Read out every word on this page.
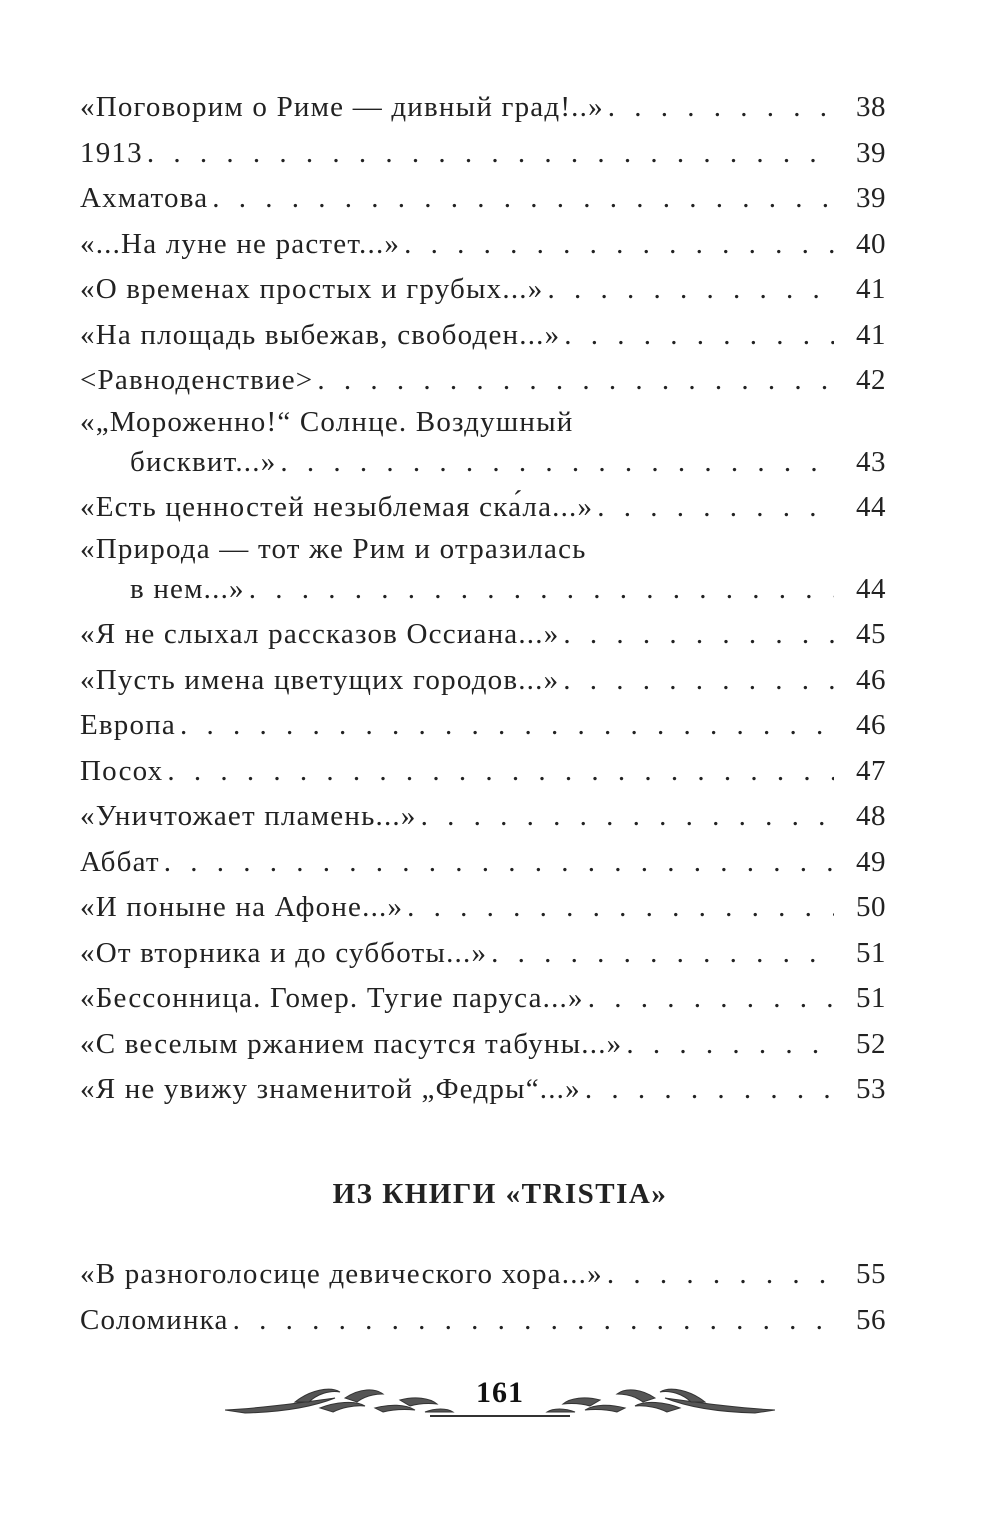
«Поговорим о Риме — дивный град!..» . . .	38
1913 . . .	39
Ахматова . . .	39
«...На луне не растет...» . . .	40
«О временах простых и грубых...» . . .	41
«На площадь выбежав, свободен...» . . .	41
<Равноденствие> . . .	42
«„Мороженно!“ Солнце. Воздушный
бисквит...» . . .	43
«Есть ценностей незыблемая ска́ла...» . . .	44
«Природа — тот же Рим и отразилась
в нем...» . . .	44
«Я не слыхал рассказов Оссиана...» . . .	45
«Пусть имена цветущих городов...» . . .	46
Европа . . .	46
Посох . . .	47
«Уничтожает пламень...» . . .	48
Аббат . . .	49
«И поныне на Афоне...» . . .	50
«От вторника и до субботы...» . . .	51
«Бессонница. Гомер. Тугие паруса...» . . .	51
«С веселым ржанием пасутся табуны...» . . .	52
«Я не увижу знаменитой „Федры“...» . . .	53
ИЗ КНИГИ «TRISTIA»
«В разноголосице девического хора...» . . .	55
Соломинка . . .	56
161
